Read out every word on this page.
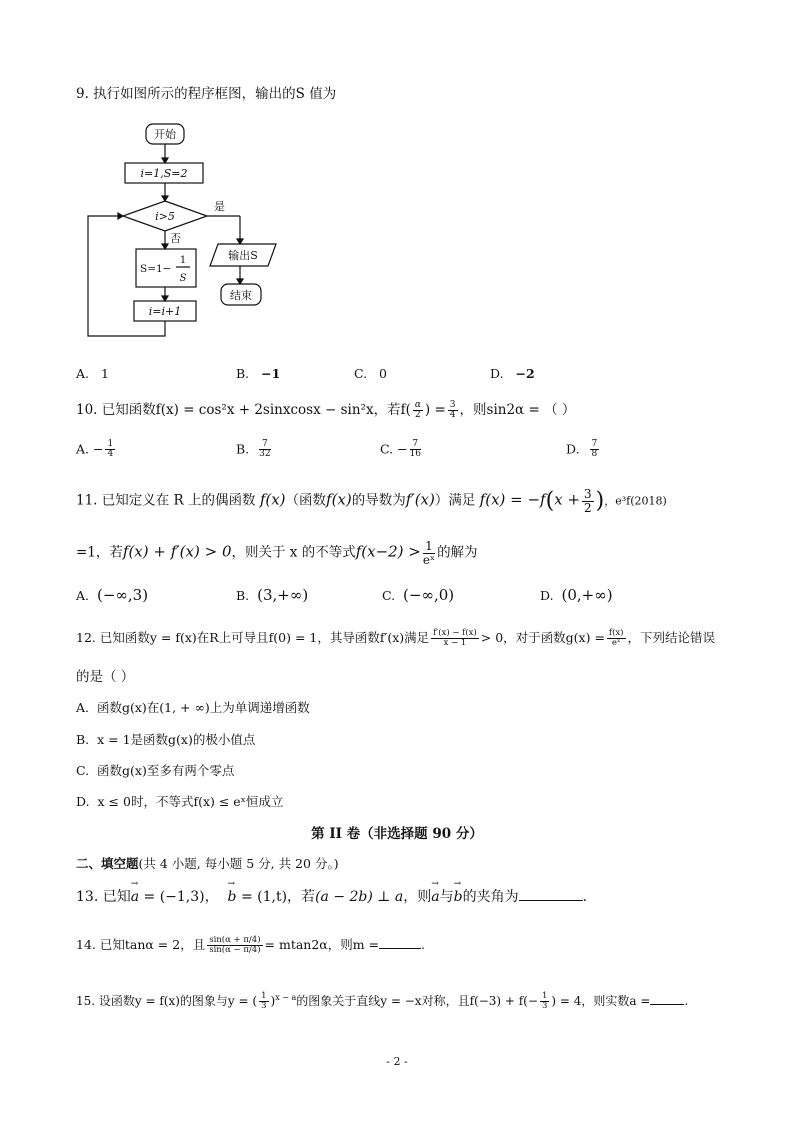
9. 执行如图所示的程序框图，输出的S 值为
开始
i=1,S=2
i>5
是
否
S=1−
1
S
i=i+1
输出S
结束
A. 1	B. −1	C. 0	D. −2
10. 已知函数f(x) = cos²x + 2sinxcosx − sin²x，若$f( \frac{\alpha}{2}$ ) = $\frac{3}{4}$ ，则sin2α = （ ）
A. − $\frac{1}{4}$	B. $\frac{7}{32}$	C. − $\frac{7}{16}$	D. $\frac{7}{8}$
11. 已知定义在 R 上的偶函数 f(x)（函数f(x)的导数为f′(x)）满足 $f(x) = -f(x + \frac{3}{2}$ )，e³f(2018)
=1，若f(x) + f′(x) > 0，则关于 x 的不等式$f(x-2) > \frac{1}{\text{eˣ}}$ 的解为
A. (−∞,3)	B. (3,+∞)	C. (−∞,0)	D. (0,+∞)
12. 已知函数y = f(x)在R上可导且f(0) = 1，其导函数f′(x)满足 $\frac{f'(x) - f(x)}{x - 1} > 0$，对于函数$g(x) = \frac{f(x)}{\text{eˣ}}$ ，下列结论错误
的是（ ）
A. 函数g(x)在(1, + ∞)上为单调递增函数
B. x = 1是函数g(x)的极小值点
C. 函数g(x)至多有两个零点
D. x ≤ 0时，不等式f(x) ≤ eˣ恒成立
第 II 卷（非选择题 90 分）
二、填空题(共 4 小题, 每小题 5 分, 共 20 分。)
13. 已知→ a = (−1,3)，  → b = (1,t)，若(a − 2b) ⊥ a，则→ a与→ b的夹角为	.
14. 已知tanα = 2，且 $\frac{\sin(\alpha + \pi/4)}{\sin(\alpha - \pi/4)} = mtan2\alpha$，则m =	.
15. 设函数y = f(x)的图象与y = ( $\frac{1}{3} )^{x - a}$的图象关于直线y = −x对称，且$f(-3) + f(- \frac{1}{3}$ ) = 4，则实数a =	.
- 2 -
